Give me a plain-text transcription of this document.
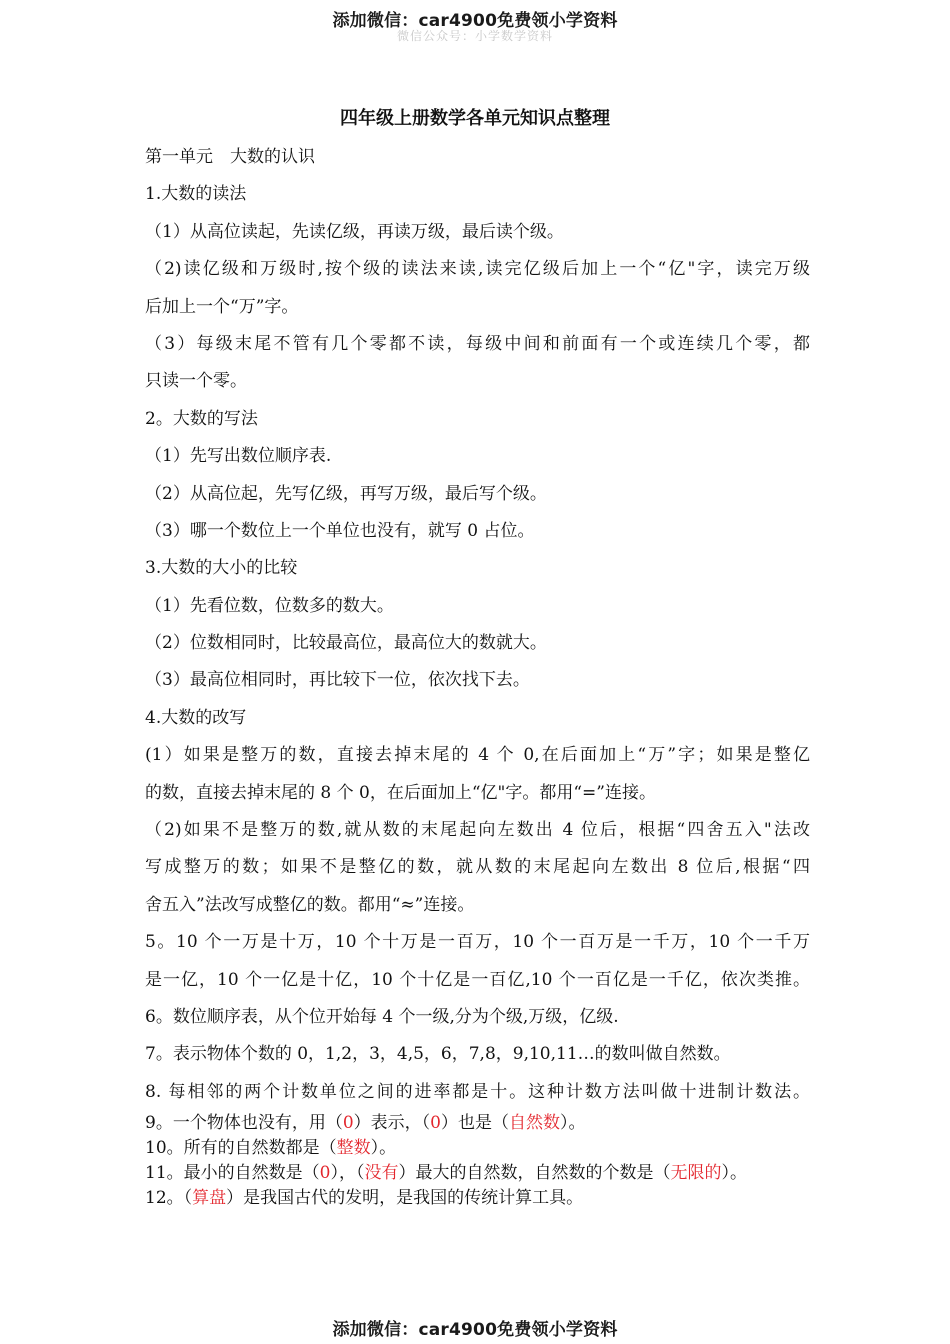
添加微信：car4900免费领小学资料
微信公众号：小学数学资料
四年级上册数学各单元知识点整理
第一单元　大数的认识
1.大数的读法
（1）从高位读起，先读亿级，再读万级，最后读个级。
（2)读亿级和万级时,按个级的读法来读,读完亿级后加上一个“亿"字，读完万级
后加上一个“万”字。
（3）每级末尾不管有几个零都不读，每级中间和前面有一个或连续几个零，都
只读一个零。
2。大数的写法
（1）先写出数位顺序表.
（2）从高位起，先写亿级，再写万级，最后写个级。
（3）哪一个数位上一个单位也没有，就写 0 占位。
3.大数的大小的比较
（1）先看位数，位数多的数大。
（2）位数相同时，比较最高位，最高位大的数就大。
（3）最高位相同时，再比较下一位，依次找下去。
4.大数的改写
(1）如果是整万的数，直接去掉末尾的 4 个 0,在后面加上“万”字；如果是整亿
的数，直接去掉末尾的 8 个 0，在后面加上“亿"字。都用“=”连接。
（2)如果不是整万的数,就从数的末尾起向左数出 4 位后，根据“四舍五入"法改
写成整万的数；如果不是整亿的数，就从数的末尾起向左数出 8 位后,根据“四
舍五入”法改写成整亿的数。都用“≈”连接。
5。10 个一万是十万，10 个十万是一百万，10 个一百万是一千万，10 个一千万
是一亿，10 个一亿是十亿，10 个十亿是一百亿,10 个一百亿是一千亿，依次类推。
6。数位顺序表，从个位开始每 4 个一级,分为个级,万级，亿级.
7。表示物体个数的 0，1,2，3，4,5，6，7,8，9,10,11…的数叫做自然数。
8. 每相邻的两个计数单位之间的进率都是十。这种计数方法叫做十进制计数法。
9。一个物体也没有，用（0）表示，（0）也是（自然数）。
10。所有的自然数都是（整数）。
11。最小的自然数是（0），（没有）最大的自然数，自然数的个数是（无限的）。
12。（算盘）是我国古代的发明，是我国的传统计算工具。
添加微信：car4900免费领小学资料
